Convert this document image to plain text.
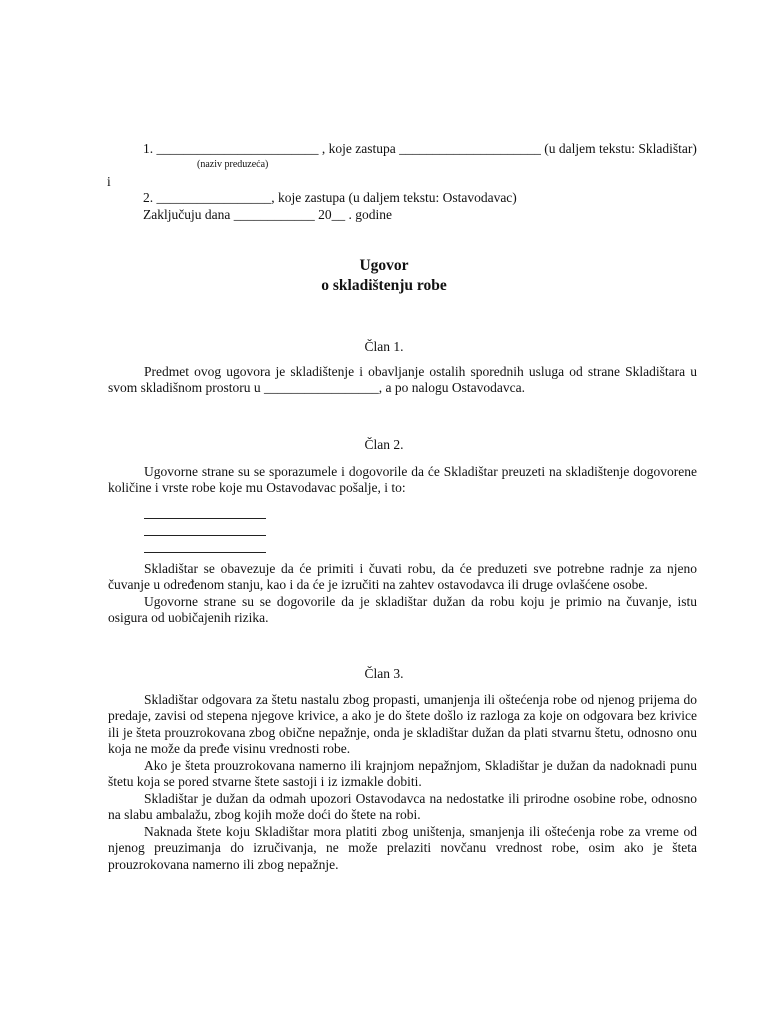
1. ________________________ , koje zastupa _____________________ (u daljem tekstu: Skladištar)
(naziv preduzeća)
i
2. _________________, koje zastupa (u daljem tekstu: Ostavodavac)
Zaključuju dana ____________ 20__ . godine
Ugovor
o skladištenju robe
Član 1.
Predmet ovog ugovora je skladištenje i obavljanje ostalih sporednih usluga od strane Skladištara u svom skladišnom prostoru u _________________, a po nalogu Ostavodavca.
Član 2.
Ugovorne strane su se sporazumele i dogovorile da će Skladištar preuzeti na skladištenje dogovorene količine i vrste robe koje mu Ostavodavac pošalje, i to:
Skladištar se obavezuje da će primiti i čuvati robu, da će preduzeti sve potrebne radnje za njeno čuvanje u određenom stanju, kao i da će je izručiti na zahtev ostavodavca ili druge ovlašćene osobe.
Ugovorne strane su se dogovorile da je skladištar dužan da robu koju je primio na čuvanje, istu osigura od uobičajenih rizika.
Član 3.
Skladištar odgovara za štetu nastalu zbog propasti, umanjenja ili oštećenja robe od njenog prijema do predaje, zavisi od stepena njegove krivice, a ako je do štete došlo iz razloga za koje on odgovara bez krivice ili je šteta prouzrokovana zbog obične nepažnje, onda je skladištar dužan da plati stvarnu štetu, odnosno onu koja ne može da pređe visinu vrednosti robe.
Ako je šteta prouzrokovana namerno ili krajnjom nepažnjom, Skladištar je dužan da nadoknadi punu štetu koja se pored stvarne štete sastoji i iz izmakle dobiti.
Skladištar je dužan da odmah upozori Ostavodavca na nedostatke ili prirodne osobine robe, odnosno na slabu ambalažu, zbog kojih može doći do štete na robi.
Naknada štete koju Skladištar mora platiti zbog uništenja, smanjenja ili oštećenja robe za vreme od njenog preuzimanja do izručivanja, ne može prelaziti novčanu vrednost robe, osim ako je šteta prouzrokovana namerno ili zbog nepažnje.
